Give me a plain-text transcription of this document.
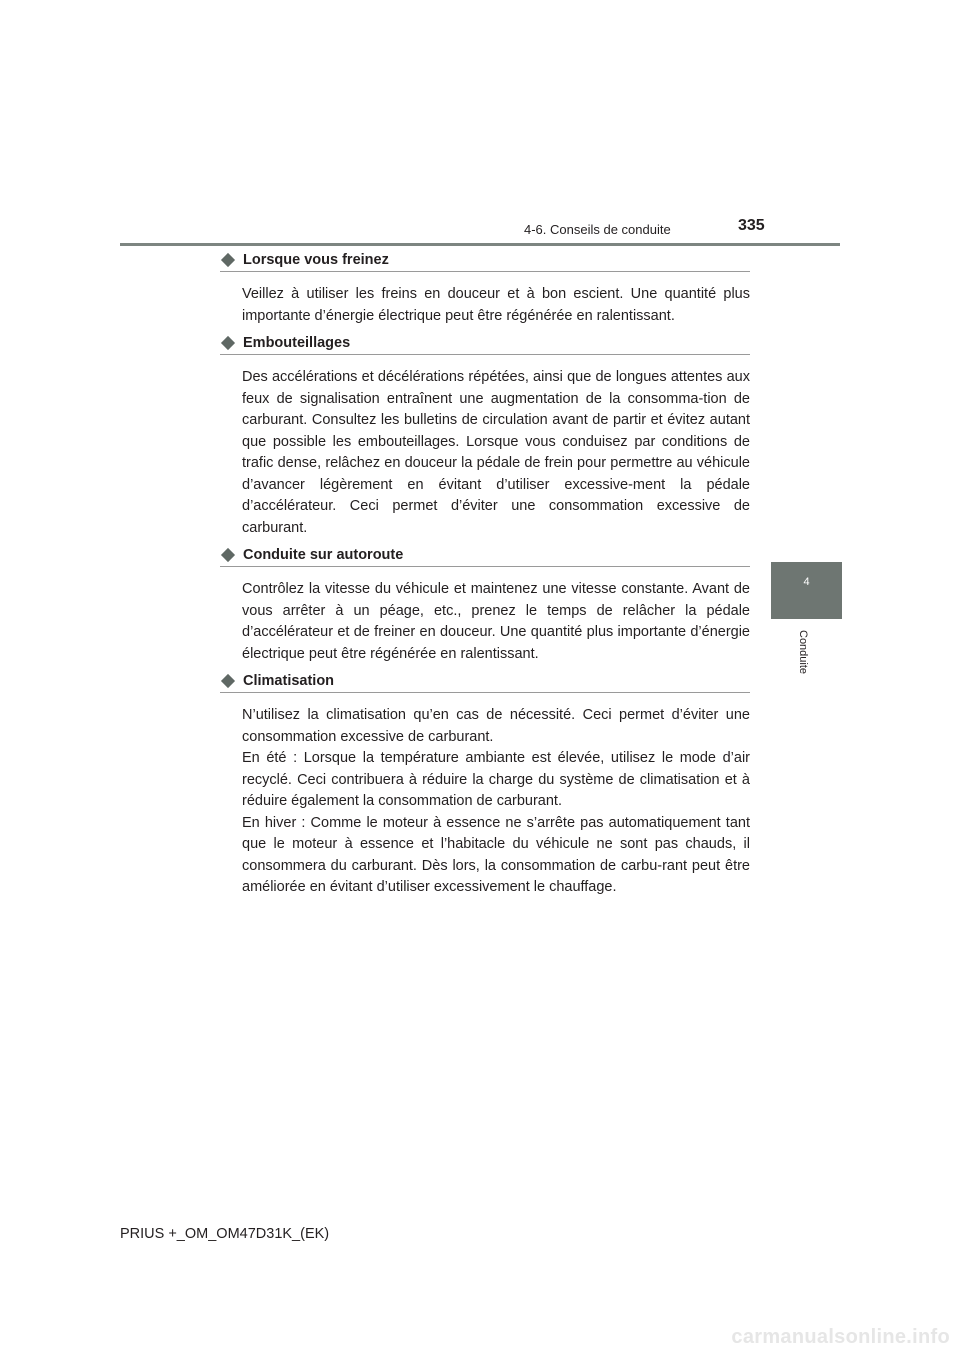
4-6. Conseils de conduite	335
4
Conduite
Lorsque vous freinez

Veillez à utiliser les freins en douceur et à bon escient. Une quantité plus importante d’énergie électrique peut être régénérée en ralentissant.

Embouteillages

Des accélérations et décélérations répétées, ainsi que de longues attentes aux feux de signalisation entraînent une augmentation de la consomma-tion de carburant. Consultez les bulletins de circulation avant de partir et évitez autant que possible les embouteillages. Lorsque vous conduisez par conditions de trafic dense, relâchez en douceur la pédale de frein pour permettre au véhicule d’avancer légèrement en évitant d’utiliser excessive-ment la pédale d’accélérateur. Ceci permet d’éviter une consommation excessive de carburant.

Conduite sur autoroute

Contrôlez la vitesse du véhicule et maintenez une vitesse constante. Avant de vous arrêter à un péage, etc., prenez le temps de relâcher la pédale d’accélérateur et de freiner en douceur. Une quantité plus importante d’énergie électrique peut être régénérée en ralentissant.

Climatisation

N’utilisez la climatisation qu’en cas de nécessité. Ceci permet d’éviter une consommation excessive de carburant.

En été : Lorsque la température ambiante est élevée, utilisez le mode d’air recyclé. Ceci contribuera à réduire la charge du système de climatisation et à réduire également la consommation de carburant.

En hiver : Comme le moteur à essence ne s’arrête pas automatiquement tant que le moteur à essence et l’habitacle du véhicule ne sont pas chauds, il consommera du carburant. Dès lors, la consommation de carbu-rant peut être améliorée en évitant d’utiliser excessivement le chauffage.

PRIUS +_OM_OM47D31K_(EK)
carmanualsonline.info
